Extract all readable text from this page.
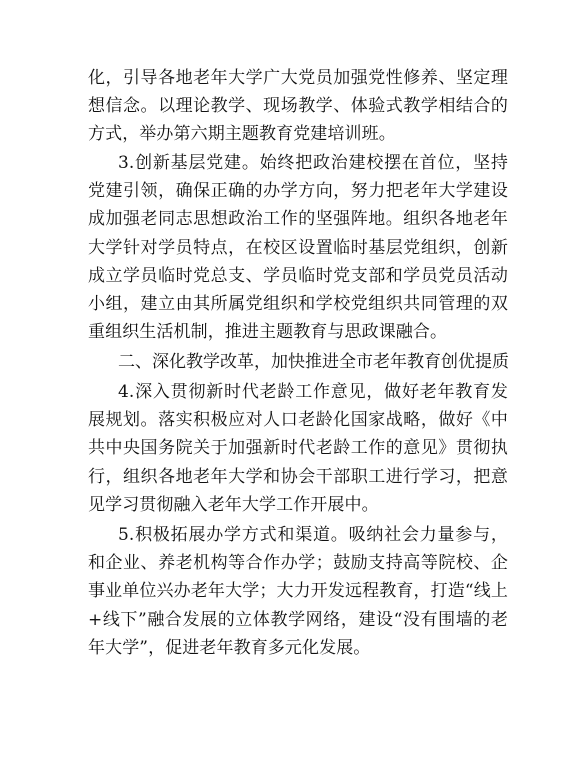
化，引导各地老年大学广大党员加强党性修养、坚定理想信念。以理论教学、现场教学、体验式教学相结合的方式，举办第六期主题教育党建培训班。

3.创新基层党建。始终把政治建校摆在首位，坚持党建引领，确保正确的办学方向，努力把老年大学建设成加强老同志思想政治工作的坚强阵地。组织各地老年大学针对学员特点，在校区设置临时基层党组织，创新成立学员临时党总支、学员临时党支部和学员党员活动小组，建立由其所属党组织和学校党组织共同管理的双重组织生活机制，推进主题教育与思政课融合。

二、深化教学改革，加快推进全市老年教育创优提质

4.深入贯彻新时代老龄工作意见，做好老年教育发展规划。落实积极应对人口老龄化国家战略，做好《中共中央国务院关于加强新时代老龄工作的意见》贯彻执行，组织各地老年大学和协会干部职工进行学习，把意见学习贯彻融入老年大学工作开展中。

5.积极拓展办学方式和渠道。吸纳社会力量参与，和企业、养老机构等合作办学；鼓励支持高等院校、企事业单位兴办老年大学；大力开发远程教育，打造“线上+线下”融合发展的立体教学网络，建设“没有围墙的老年大学”，促进老年教育多元化发展。
